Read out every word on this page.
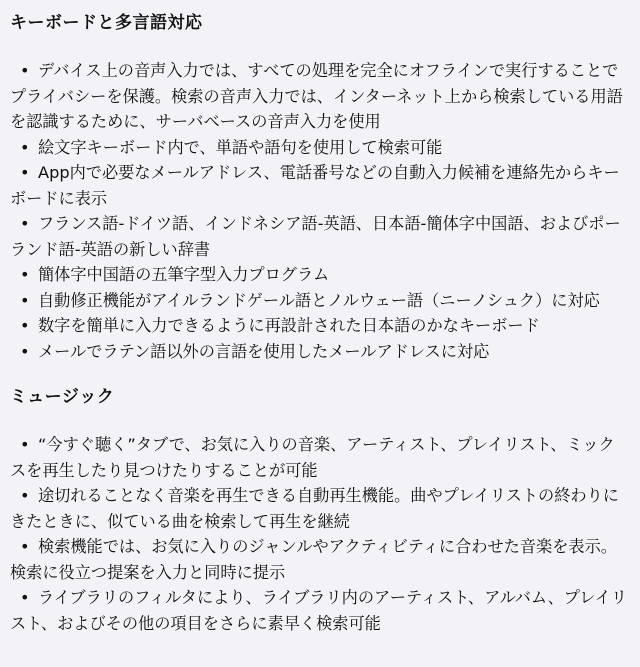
キーボードと多言語対応
• デバイス上の音声入力では、すべての処理を完全にオフラインで実行することでプライバシーを保護。検索の音声入力では、インターネット上から検索している用語を認識するために、サーバベースの音声入力を使用
• 絵文字キーボード内で、単語や語句を使用して検索可能
• App内で必要なメールアドレス、電話番号などの自動入力候補を連絡先からキーボードに表示
• フランス語-ドイツ語、インドネシア語-英語、日本語-簡体字中国語、およびポーランド語-英語の新しい辞書
• 簡体字中国語の五筆字型入力プログラム
• 自動修正機能がアイルランドゲール語とノルウェー語（ニーノシュク）に対応
• 数字を簡単に入力できるように再設計された日本語のかなキーボード
• メールでラテン語以外の言語を使用したメールアドレスに対応
ミュージック
• “今すぐ聴く”タブで、お気に入りの音楽、アーティスト、プレイリスト、ミックスを再生したり見つけたりすることが可能
• 途切れることなく音楽を再生できる自動再生機能。曲やプレイリストの終わりにきたときに、似ている曲を検索して再生を継続
• 検索機能では、お気に入りのジャンルやアクティビティに合わせた音楽を表示。検索に役立つ提案を入力と同時に提示
• ライブラリのフィルタにより、ライブラリ内のアーティスト、アルバム、プレイリスト、およびその他の項目をさらに素早く検索可能
